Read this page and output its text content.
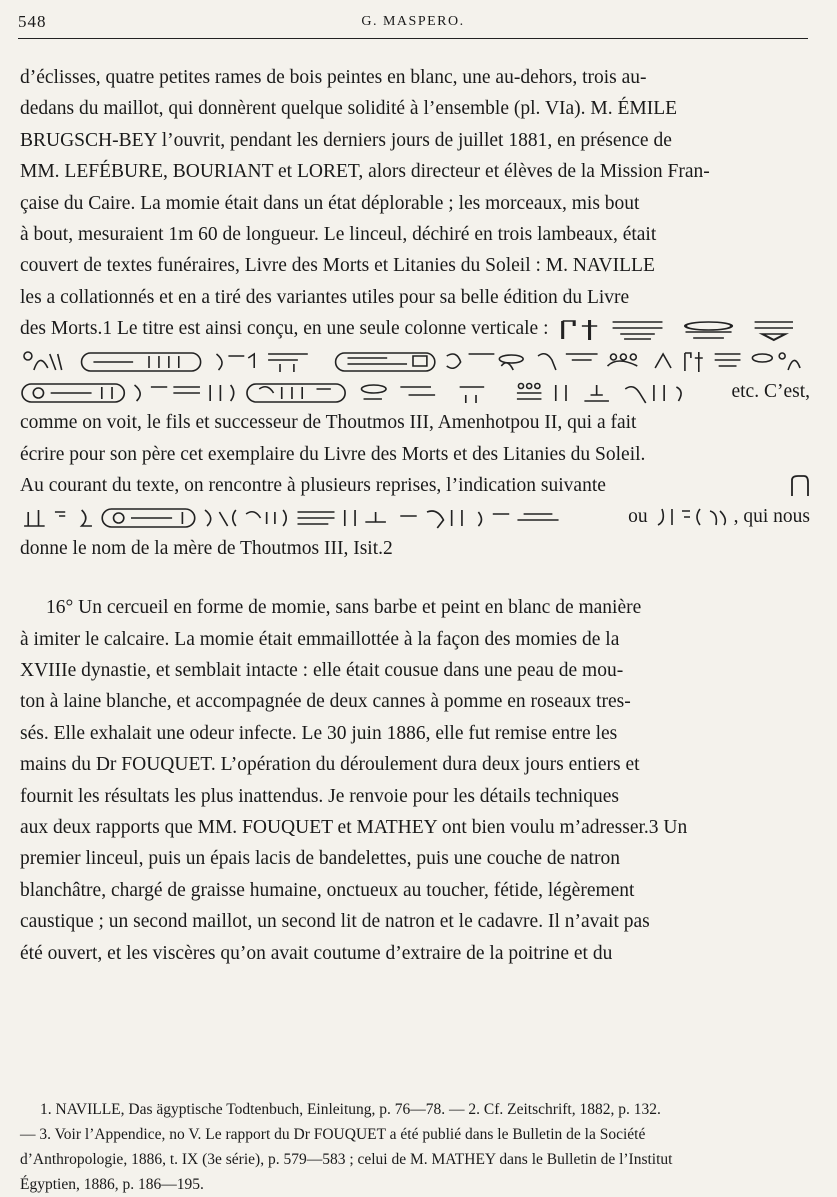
548	G. MASPERO.
d’éclisses, quatre petites rames de bois peintes en blanc, une au-dehors, trois au-
dedans du maillot, qui donnèrent quelque solidité à l’ensemble (pl. VIa). M. ÉMILE
BRUGSCH-BEY l’ouvrit, pendant les derniers jours de juillet 1881, en présence de
MM. LEFÉBURE, BOURIANT et LORET, alors directeur et élèves de la Mission Fran-
çaise du Caire. La momie était dans un état déplorable ; les morceaux, mis bout
à bout, mesuraient 1m 60 de longueur. Le linceul, déchiré en trois lambeaux, était
couvert de textes funéraires, Livre des Morts et Litanies du Soleil : M. NAVILLE
les a collationnés et en a tiré des variantes utiles pour sa belle édition du Livre
des Morts.1 Le titre est ainsi conçu, en une seule colonne verticale :
etc. C’est,
comme on voit, le fils et successeur de Thoutmos III, Amenhotpou II, qui a fait
écrire pour son père cet exemplaire du Livre des Morts et des Litanies du Soleil.
Au courant du texte, on rencontre à plusieurs reprises, l’indication suivante
ou	, qui nous
donne le nom de la mère de Thoutmos III, Isit.2
16° Un cercueil en forme de momie, sans barbe et peint en blanc de manière
à imiter le calcaire. La momie était emmaillottée à la façon des momies de la
XVIIIe dynastie, et semblait intacte : elle était cousue dans une peau de mou-
ton à laine blanche, et accompagnée de deux cannes à pomme en roseaux tres-
sés. Elle exhalait une odeur infecte. Le 30 juin 1886, elle fut remise entre les
mains du Dr FOUQUET. L’opération du déroulement dura deux jours entiers et
fournit les résultats les plus inattendus. Je renvoie pour les détails techniques
aux deux rapports que MM. FOUQUET et MATHEY ont bien voulu m’adresser.3 Un
premier linceul, puis un épais lacis de bandelettes, puis une couche de natron
blanchâtre, chargé de graisse humaine, onctueux au toucher, fétide, légèrement
caustique ; un second maillot, un second lit de natron et le cadavre. Il n’avait pas
été ouvert, et les viscères qu’on avait coutume d’extraire de la poitrine et du
1. NAVILLE, Das ägyptische Todtenbuch, Einleitung, p. 76—78. — 2. Cf. Zeitschrift, 1882, p. 132.
— 3. Voir l’Appendice, no V. Le rapport du Dr FOUQUET a été publié dans le Bulletin de la Société
d’Anthropologie, 1886, t. IX (3e série), p. 579—583 ; celui de M. MATHEY dans le Bulletin de l’Institut
Égyptien, 1886, p. 186—195.
